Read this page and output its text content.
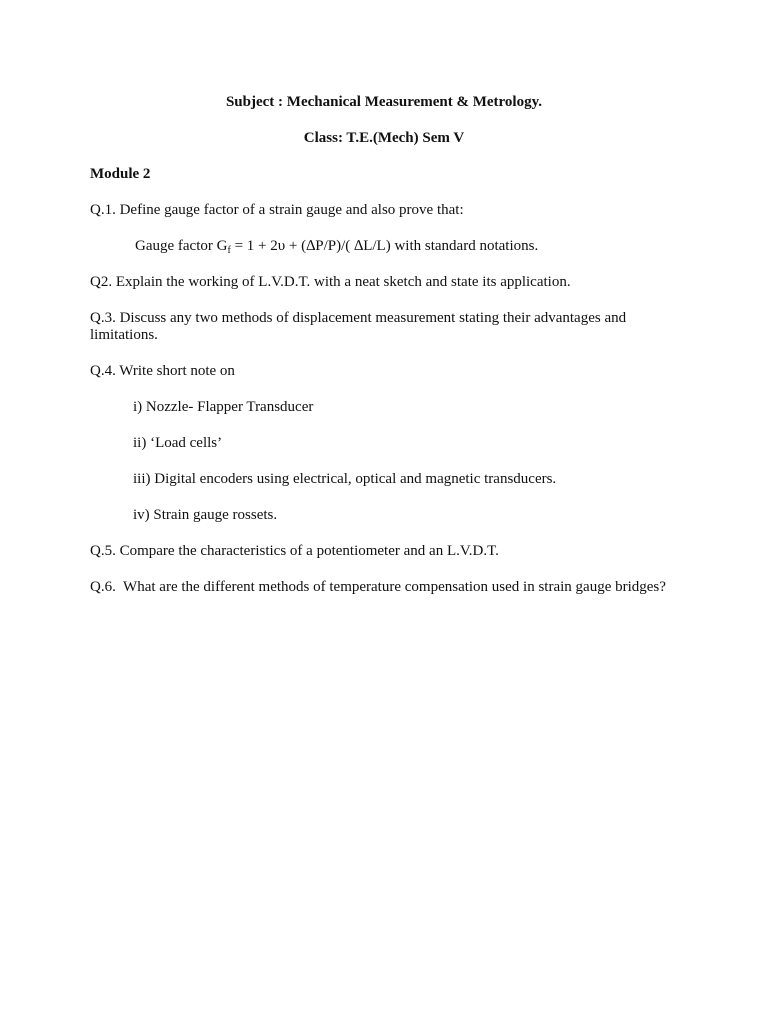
Subject : Mechanical Measurement & Metrology.

Class: T.E.(Mech) Sem V

Module 2

Q.1. Define gauge factor of a strain gauge and also prove that:

Gauge factor $G_f = 1 + 2\upsilon + (\Delta P/P)/$( ∆L/L) with standard notations.

Q2. Explain the working of L.V.D.T. with a neat sketch and state its application.

Q.3. Discuss any two methods of displacement measurement stating their advantages and limitations.

Q.4. Write short note on

i) Nozzle- Flapper Transducer

ii) ‘Load cells’

iii) Digital encoders using electrical, optical and magnetic transducers.

iv) Strain gauge rossets.

Q.5. Compare the characteristics of a potentiometer and an L.V.D.T.

Q.6.  What are the different methods of temperature compensation used in strain gauge bridges?
